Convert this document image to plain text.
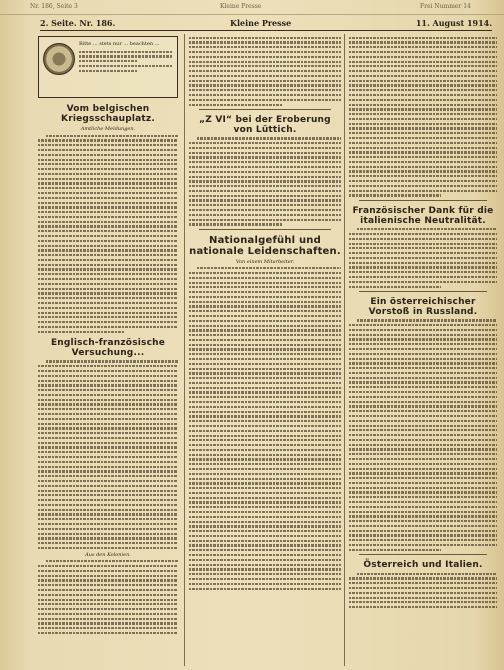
Nr. 186, Seite 3	Kleine Presse	Frei Nummer 14
2. Seite. Nr. 186.	Kleine Presse	11. August 1914.
Bitte ... stets nur ... beachten ...
Vom belgischen Kriegsschauplatz.
Amtliche Meldungen.
Englisch-französische Versuchung...
Aus den Kolonien.
„Z VI“ bei der Eroberung von Lüttich.
Nationalgefühl und nationale Leidenschaften.
Von einem Mitarbeiter.
Französischer Dank für die italienische Neutralität.
Ein österreichischer Vorstoß in Russland.
Österreich und Italien.
